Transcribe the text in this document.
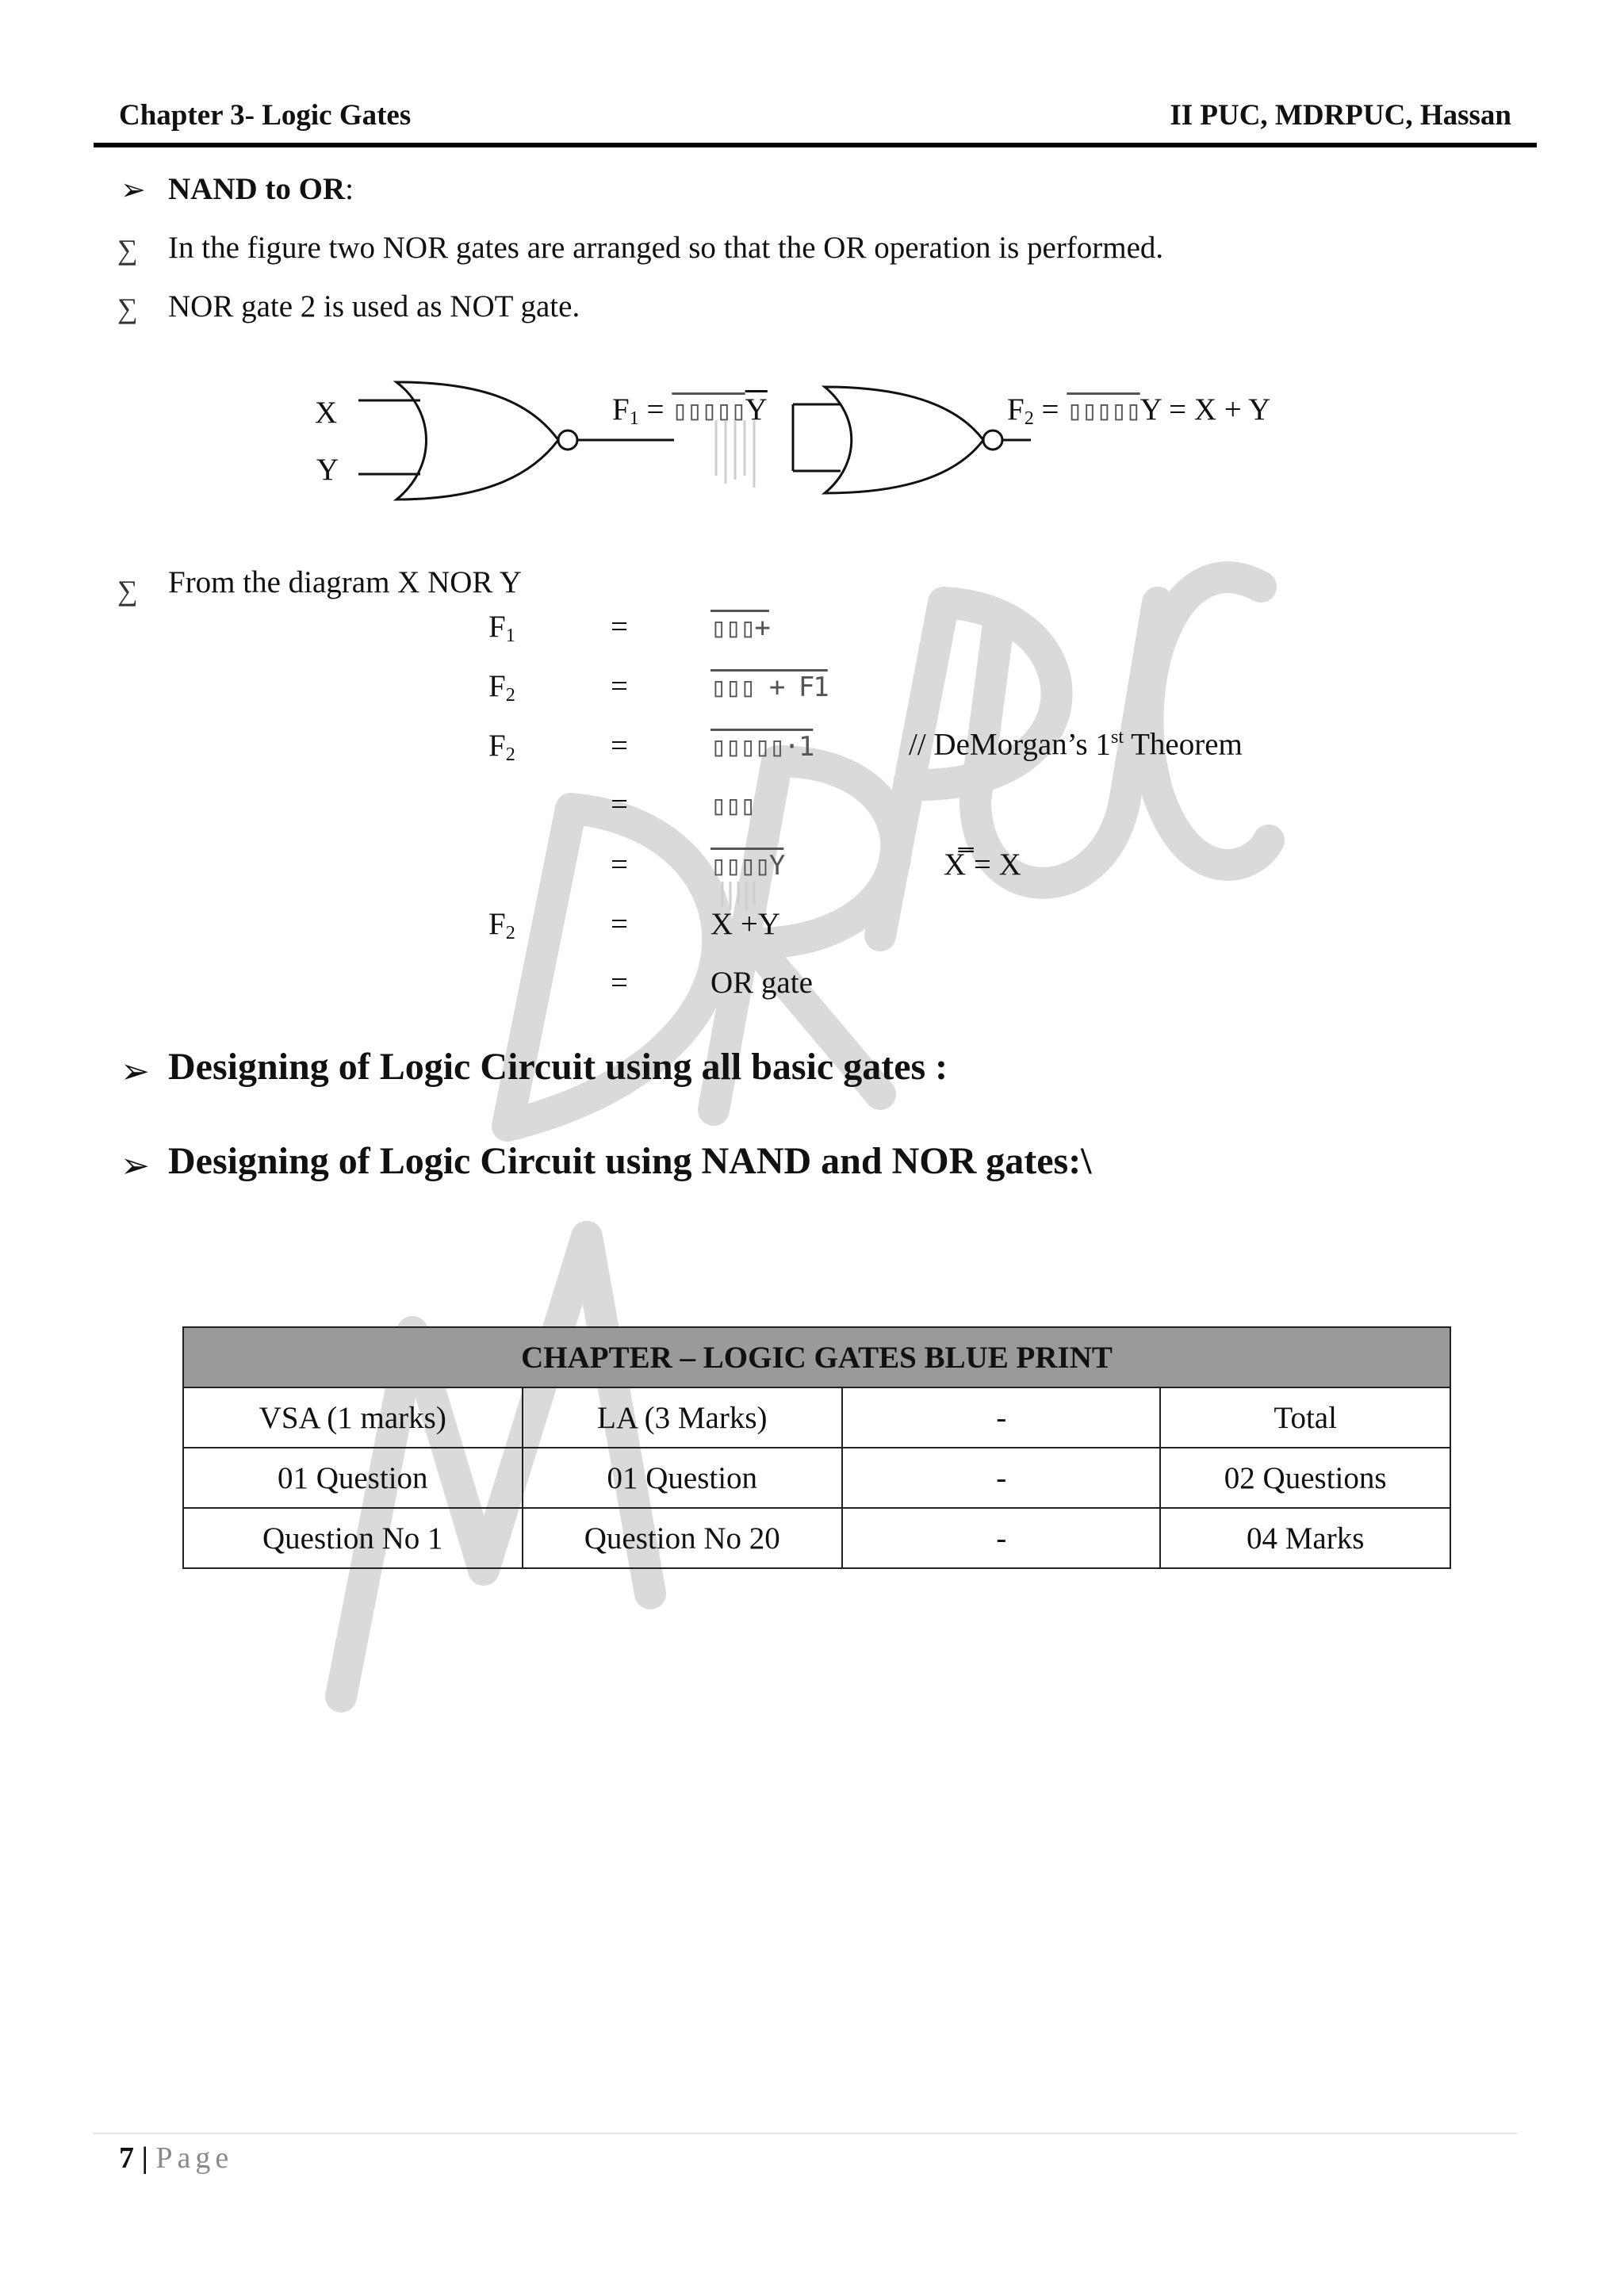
Chapter 3- Logic Gates	II PUC, MDRPUC, Hassan
➢ NAND to OR:
∑ In the figure two NOR gates are arranged so that the OR operation is performed.
∑ NOR gate 2 is used as NOT gate.
X
Y
$F_1$ = $▯▯▯▯▯\overline{Y}$	$F_2$ = ▯▯▯▯▯Y = X + Y
∑ From the diagram X NOR Y
$F_1$	=	▯▯▯+
$F_2$	=	▯▯▯ + F1
$F_2$	=	▯▯▯▯▯·1	// DeMorgan’s 1st Theorem
=	▯▯▯
=	▯▯▯▯Y	X̿ = X
$F_2$	=	X +Y
=	OR gate
➢ Designing of Logic Circuit using all basic gates :
➢ Designing of Logic Circuit using NAND and NOR gates:\
CHAPTER – LOGIC GATES BLUE PRINT			
VSA (1 marks)	LA (3 Marks)	-	Total
01 Question	01 Question	-	02 Questions
Question No 1	Question No 20	-	04 Marks
7 | Page
